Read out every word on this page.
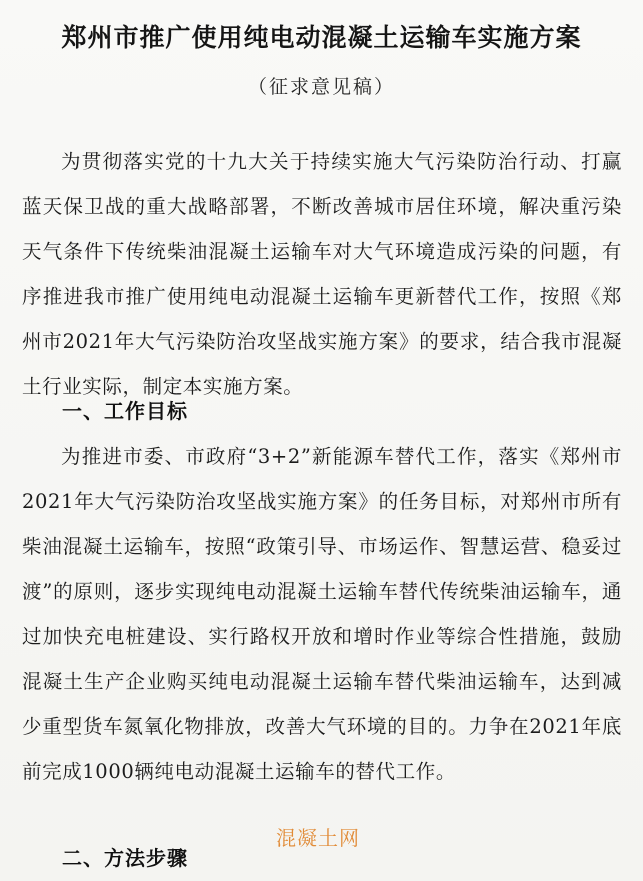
郑州市推广使用纯电动混凝土运输车实施方案
（征求意见稿）

为贯彻落实党的十九大关于持续实施大气污染防治行动、打赢蓝天保卫战的重大战略部署，不断改善城市居住环境，解决重污染天气条件下传统柴油混凝土运输车对大气环境造成污染的问题，有序推进我市推广使用纯电动混凝土运输车更新替代工作，按照《郑州市2021年大气污染防治攻坚战实施方案》的要求，结合我市混凝土行业实际，制定本实施方案。

一、工作目标

为推进市委、市政府“3+2”新能源车替代工作，落实《郑州市2021年大气污染防治攻坚战实施方案》的任务目标，对郑州市所有柴油混凝土运输车，按照“政策引导、市场运作、智慧运营、稳妥过渡”的原则，逐步实现纯电动混凝土运输车替代传统柴油运输车，通过加快充电桩建设、实行路权开放和增时作业等综合性措施，鼓励混凝土生产企业购买纯电动混凝土运输车替代柴油运输车，达到减少重型货车氮氧化物排放，改善大气环境的目的。力争在2021年底前完成1000辆纯电动混凝土运输车的替代工作。

二、方法步骤
混凝土网
